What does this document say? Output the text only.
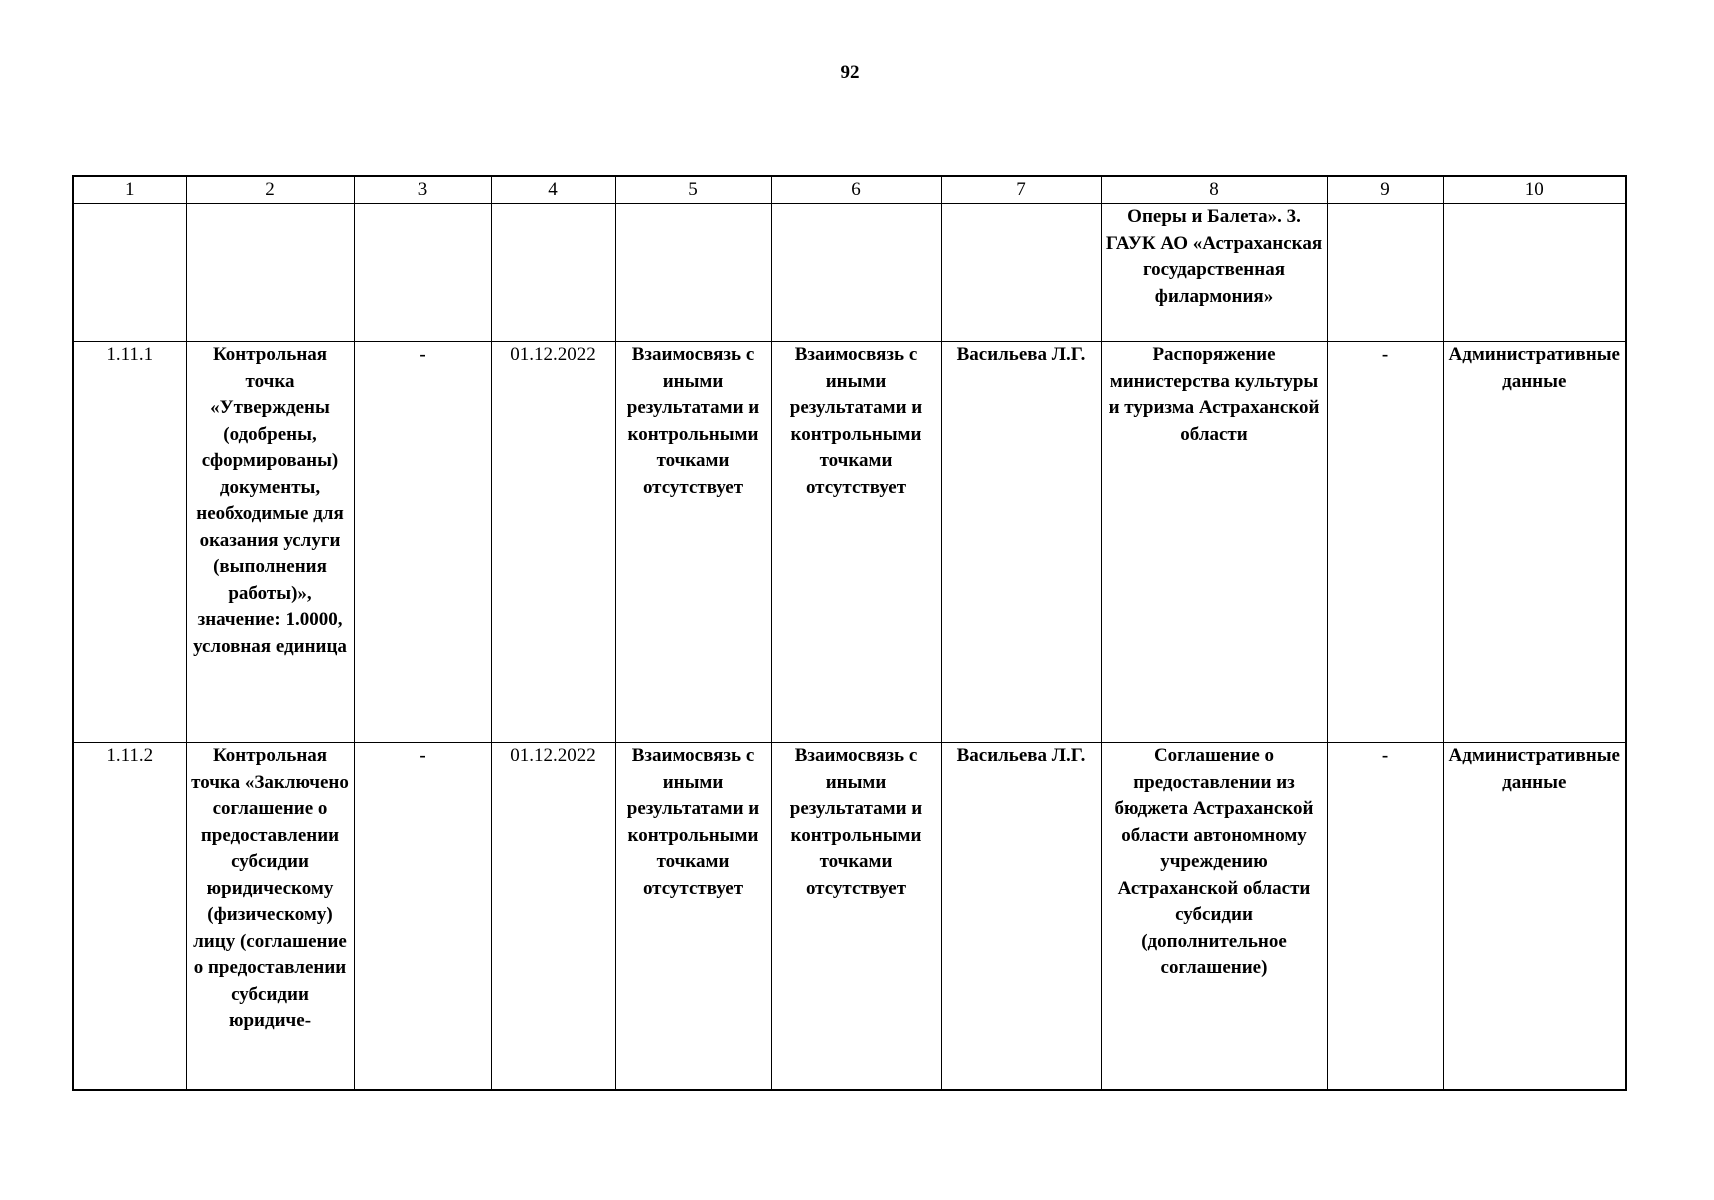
92
1	2	3	4	5	6	7	8	9	10
							Оперы и Балета». 3. ГАУК АО «Астраханская государственная филармония»		
1.11.1	Контрольная точка «Утверждены (одобрены, сформированы) документы, необходимые для оказания услуги (выполнения работы)», значение: 1.0000, условная единица	-	01.12.2022	Взаимосвязь с иными результатами и контрольными точками отсутствует	Взаимосвязь с иными результатами и контрольными точками отсутствует	Васильева Л.Г.	Распоряжение министерства культуры и туризма Астраханской области	-	Административные данные
1.11.2	Контрольная точка «Заключено соглашение о предоставлении субсидии юридическому (физическому) лицу (соглашение о предоставлении субсидии юридиче-	-	01.12.2022	Взаимосвязь с иными результатами и контрольными точками отсутствует	Взаимосвязь с иными результатами и контрольными точками отсутствует	Васильева Л.Г.	Соглашение о предоставлении из бюджета Астраханской области автономному учреждению Астраханской области субсидии (дополнительное соглашение)	-	Административные данные
